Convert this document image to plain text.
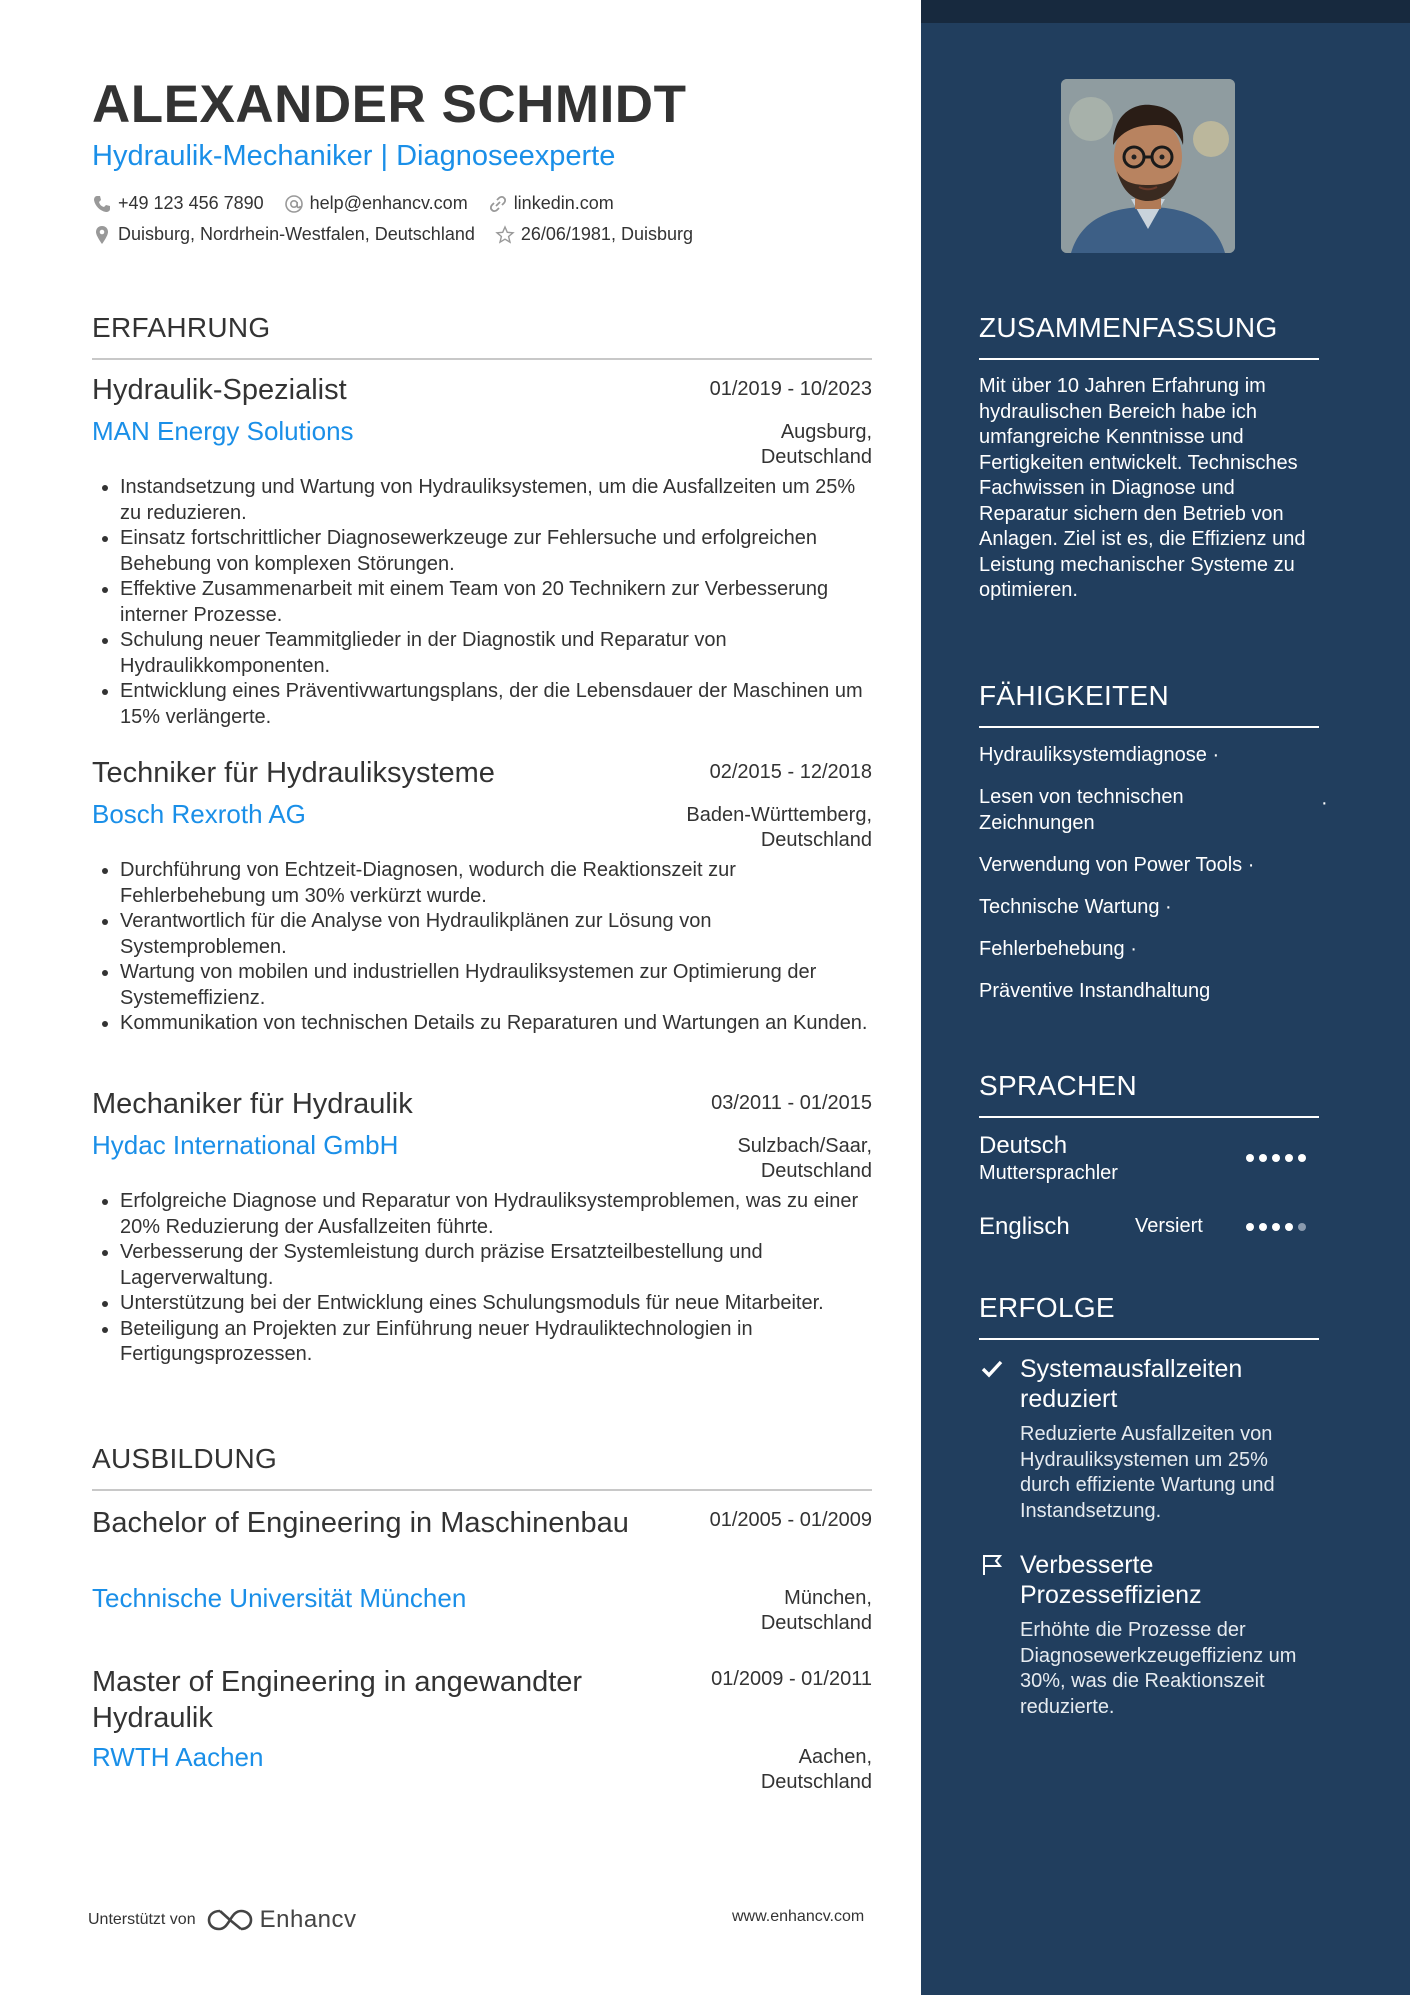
ALEXANDER SCHMIDT
Hydraulik-Mechaniker | Diagnoseexperte
+49 123 456 7890	help@enhancv.com	linkedin.com
Duisburg, Nordrhein-Westfalen, Deutschland	26/06/1981, Duisburg
ERFAHRUNG
Hydraulik-Spezialist	01/2019 - 10/2023
MAN Energy Solutions	Augsburg,
Deutschland
• Instandsetzung und Wartung von Hydrauliksystemen, um die Ausfallzeiten um 25% zu reduzieren.
• Einsatz fortschrittlicher Diagnosewerkzeuge zur Fehlersuche und erfolgreichen Behebung von komplexen Störungen.
• Effektive Zusammenarbeit mit einem Team von 20 Technikern zur Verbesserung interner Prozesse.
• Schulung neuer Teammitglieder in der Diagnostik und Reparatur von Hydraulikkomponenten.
• Entwicklung eines Präventivwartungsplans, der die Lebensdauer der Maschinen um 15% verlängerte.
Techniker für Hydrauliksysteme	02/2015 - 12/2018
Bosch Rexroth AG	Baden-Württemberg,
Deutschland
• Durchführung von Echtzeit-Diagnosen, wodurch die Reaktionszeit zur Fehlerbehebung um 30% verkürzt wurde.
• Verantwortlich für die Analyse von Hydraulikplänen zur Lösung von Systemproblemen.
• Wartung von mobilen und industriellen Hydrauliksystemen zur Optimierung der Systemeffizienz.
• Kommunikation von technischen Details zu Reparaturen und Wartungen an Kunden.
Mechaniker für Hydraulik	03/2011 - 01/2015
Hydac International GmbH	Sulzbach/Saar,
Deutschland
• Erfolgreiche Diagnose und Reparatur von Hydrauliksystemproblemen, was zu einer 20% Reduzierung der Ausfallzeiten führte.
• Verbesserung der Systemleistung durch präzise Ersatzteilbestellung und Lagerverwaltung.
• Unterstützung bei der Entwicklung eines Schulungsmoduls für neue Mitarbeiter.
• Beteiligung an Projekten zur Einführung neuer Hydrauliktechnologien in Fertigungsprozessen.
AUSBILDUNG
Bachelor of Engineering in Maschinenbau	01/2005 - 01/2009
Technische Universität München	München,
Deutschland
Master of Engineering in angewandter Hydraulik
01/2009 - 01/2011
RWTH Aachen	Aachen,
Deutschland
Unterstützt von	Enhancv	www.enhancv.com
ZUSAMMENFASSUNG
Mit über 10 Jahren Erfahrung im hydraulischen Bereich habe ich umfangreiche Kenntnisse und Fertigkeiten entwickelt. Technisches Fachwissen in Diagnose und Reparatur sichern den Betrieb von Anlagen. Ziel ist es, die Effizienz und Leistung mechanischer Systeme zu optimieren.
FÄHIGKEITEN
Hydrauliksystemdiagnose ·
Lesen von technischen Zeichnungen
·
Verwendung von Power Tools ·
Technische Wartung ·
Fehlerbehebung ·
Präventive Instandhaltung
SPRACHEN
Deutsch
Muttersprachler
Englisch	Versiert
ERFOLGE
Systemausfallzeiten reduziert
Reduzierte Ausfallzeiten von Hydrauliksystemen um 25% durch effiziente Wartung und Instandsetzung.
Verbesserte Prozesseffizienz
Erhöhte die Prozesse der Diagnosewerkzeugeffizienz um 30%, was die Reaktionszeit reduzierte.
